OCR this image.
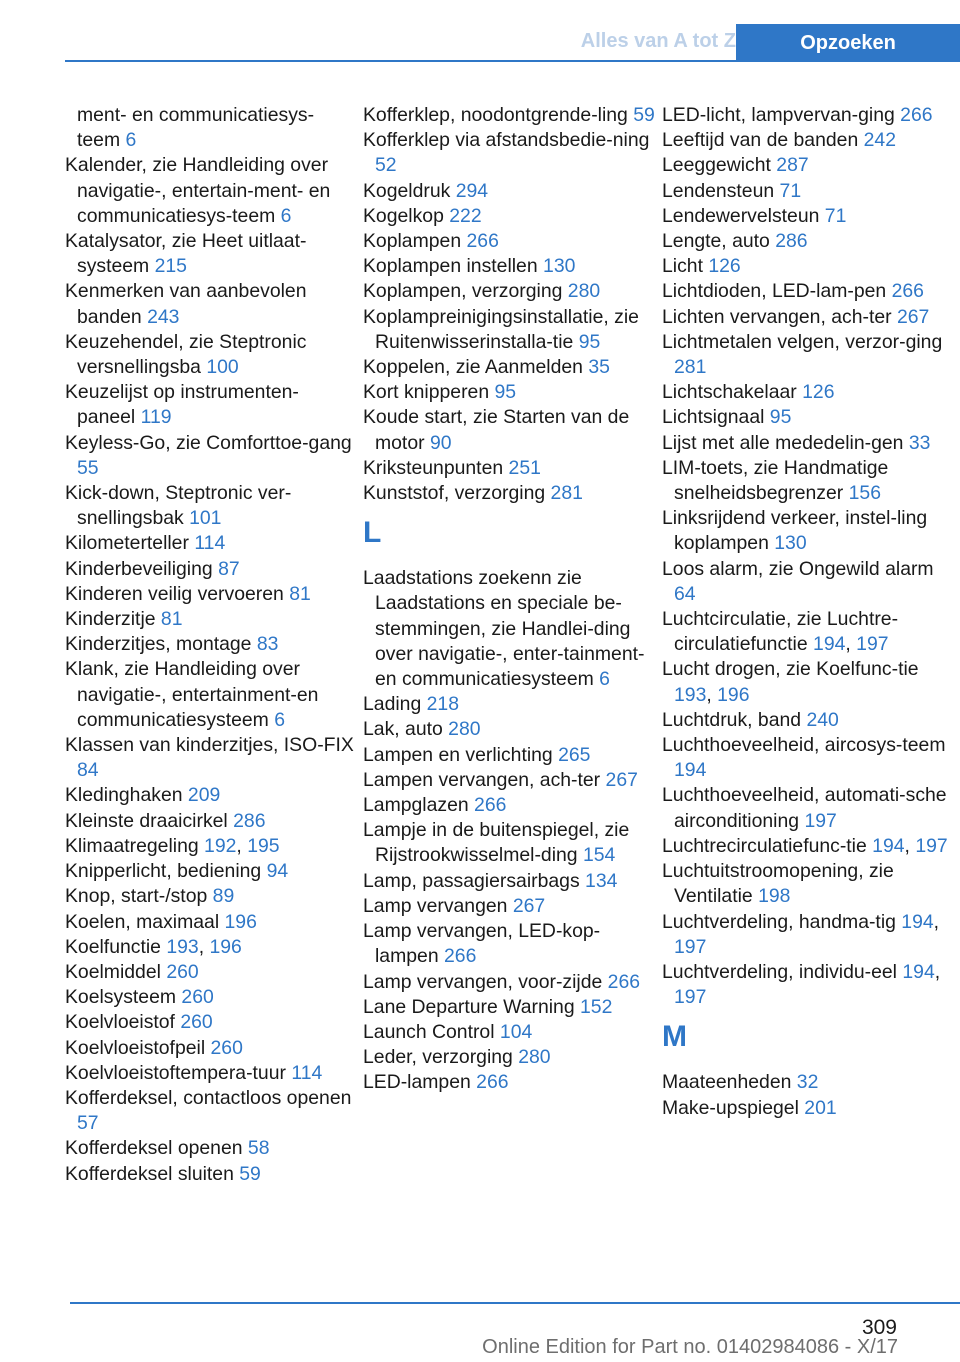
Alles van A tot Z	Opzoeken
ment- en communicatiesys-
teem 6
Kalender, zie Handleiding over navigatie-, entertain-ment- en communicatiesys-teem 6
Katalysator, zie Heet uitlaat-systeem 215
Kenmerken van aanbevolen banden 243
Keuzehendel, zie Steptronic versnellingsba 100
Keuzelijst op instrumenten-paneel 119
Keyless-Go, zie Comforttoe-gang 55
Kick-down, Steptronic ver-snellingsbak 101
Kilometerteller 114
Kinderbeveiliging 87
Kinderen veilig vervoeren 81
Kinderzitje 81
Kinderzitjes, montage 83
Klank, zie Handleiding over navigatie-, entertainment-en communicatiesysteem 6
Klassen van kinderzitjes, ISO-FIX 84
Kledinghaken 209
Kleinste draaicirkel 286
Klimaatregeling 192, 195
Knipperlicht, bediening 94
Knop, start-/stop 89
Koelen, maximaal 196
Koelfunctie 193, 196
Koelmiddel 260
Koelsysteem 260
Koelvloeistof 260
Koelvloeistofpeil 260
Koelvloeistoftempera-tuur 114
Kofferdeksel, contactloos openen 57
Kofferdeksel openen 58
Kofferdeksel sluiten 59
Kofferklep, noodontgrende-ling 59
Kofferklep via afstandsbedie-ning 52
Kogeldruk 294
Kogelkop 222
Koplampen 266
Koplampen instellen 130
Koplampen, verzorging 280
Koplampreinigingsinstallatie, zie Ruitenwisserinstalla-tie 95
Koppelen, zie Aanmelden 35
Kort knipperen 95
Koude start, zie Starten van de motor 90
Kriksteunpunten 251
Kunststof, verzorging 281
L
Laadstations zoekenn zie Laadstations en speciale be-stemmingen, zie Handlei-ding over navigatie-, enter-tainment- en communicatiesysteem 6
Lading 218
Lak, auto 280
Lampen en verlichting 265
Lampen vervangen, ach-ter 267
Lampglazen 266
Lampje in de buitenspiegel, zie Rijstrookwisselmel-ding 154
Lamp, passagiersairbags 134
Lamp vervangen 267
Lamp vervangen, LED-kop-lampen 266
Lamp vervangen, voor-zijde 266
Lane Departure Warning 152
Launch Control 104
Leder, verzorging 280
LED-lampen 266
LED-licht, lampvervan-ging 266
Leeftijd van de banden 242
Leeggewicht 287
Lendensteun 71
Lendewervelsteun 71
Lengte, auto 286
Licht 126
Lichtdioden, LED-lam-pen 266
Lichten vervangen, ach-ter 267
Lichtmetalen velgen, verzor-ging 281
Lichtschakelaar 126
Lichtsignaal 95
Lijst met alle mededelin-gen 33
LIM-toets, zie Handmatige snelheidsbegrenzer 156
Linksrijdend verkeer, instel-ling koplampen 130
Loos alarm, zie Ongewild alarm 64
Luchtcirculatie, zie Luchtre-circulatiefunctie 194, 197
Lucht drogen, zie Koelfunc-tie 193, 196
Luchtdruk, band 240
Luchthoeveelheid, aircosys-teem 194
Luchthoeveelheid, automati-sche airconditioning 197
Luchtrecirculatiefunc-tie 194, 197
Luchtuitstroomopening, zie Ventilatie 198
Luchtverdeling, handma-tig 194, 197
Luchtverdeling, individu-eel 194, 197
M
Maateenheden 32
Make-upspiegel 201
309
Online Edition for Part no. 01402984086 - X/17
